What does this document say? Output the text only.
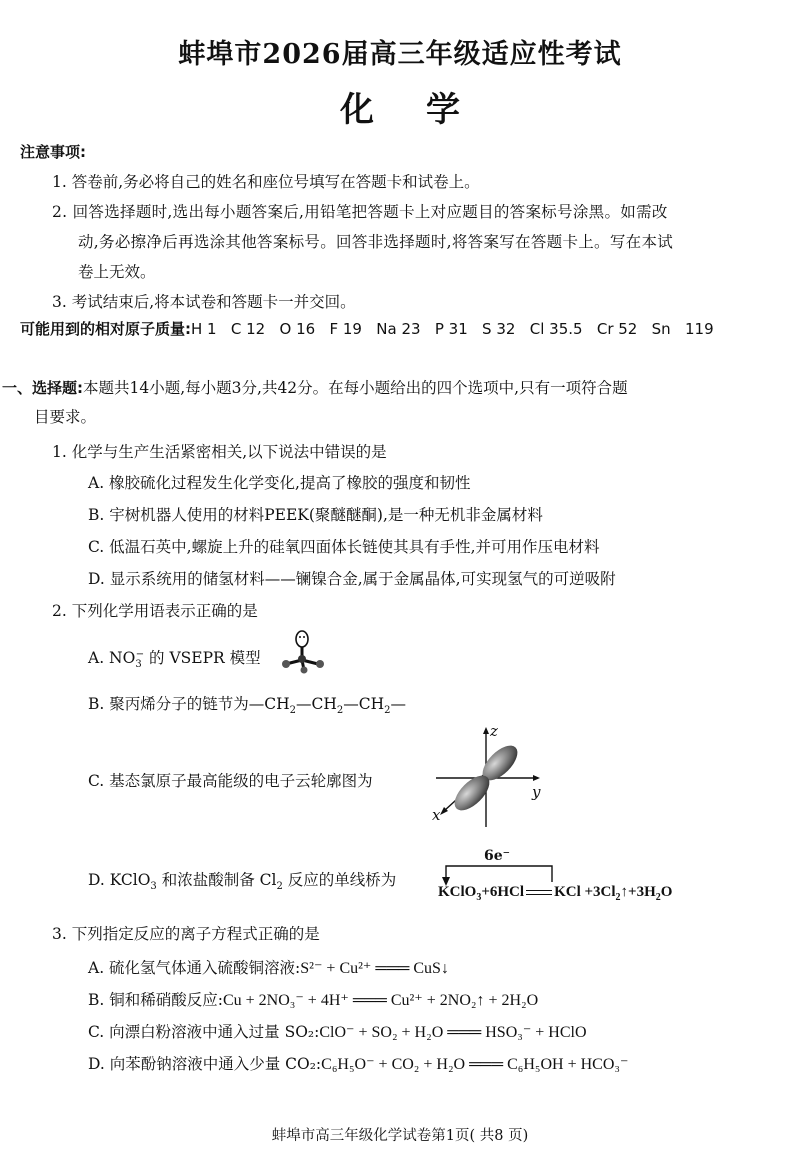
蚌埠市2026届高三年级适应性考试
化学
注意事项:
1. 答卷前,务必将自己的姓名和座位号填写在答题卡和试卷上。
2. 回答选择题时,选出每小题答案后,用铅笔把答题卡上对应题目的答案标号涂黑。如需改
动,务必擦净后再选涂其他答案标号。回答非选择题时,将答案写在答题卡上。写在本试
卷上无效。
3. 考试结束后,将本试卷和答题卡一并交回。
可能用到的相对原子质量:H 1   C 12   O 16   F 19   Na 23   P 31   S 32   Cl 35.5   Cr 52   Sn   119
一、选择题:本题共14小题,每小题3分,共42分。在每小题给出的四个选项中,只有一项符合题
目要求。
1. 化学与生产生活紧密相关,以下说法中错误的是
A. 橡胶硫化过程发生化学变化,提高了橡胶的强度和韧性
B. 宇树机器人使用的材料PEEK(聚醚醚酮),是一种无机非金属材料
C. 低温石英中,螺旋上升的硅氧四面体长链使其具有手性,并可用作压电材料
D. 显示系统用的储氢材料——镧镍合金,属于金属晶体,可实现氢气的可逆吸附
2. 下列化学用语表示正确的是
A. $NO_3^-$ 的 VSEPR 模型
B. 聚丙烯分子的链节为$—CH_2—CH_2—CH_2—$
C. 基态氯原子最高能级的电子云轮廓图为
z
y
x
D. KClO$_3$ 和浓盐酸制备 $Cl_2$ 反应的单线桥为
6e⁻
KClO$_3$+6HCl KCl $+3Cl_2↑+3H_2O$
3. 下列指定反应的离子方程式正确的是
A. 硫化氢气体通入硫酸铜溶液:S²⁻ + Cu²⁺ ═══ CuS↓
B. 铜和稀硝酸反应:Cu + 2NO₃⁻ + 4H⁺ ═══ Cu²⁺ + 2NO₂↑ + 2H₂O
C. 向漂白粉溶液中通入过量 SO₂:ClO⁻ + SO₂ + H₂O ═══ HSO₃⁻ + HClO
D. 向苯酚钠溶液中通入少量 CO₂:C₆H₅O⁻ + CO₂ + H₂O ═══ C₆H₅OH + HCO₃⁻
蚌埠市高三年级化学试卷第1页( 共8 页)
